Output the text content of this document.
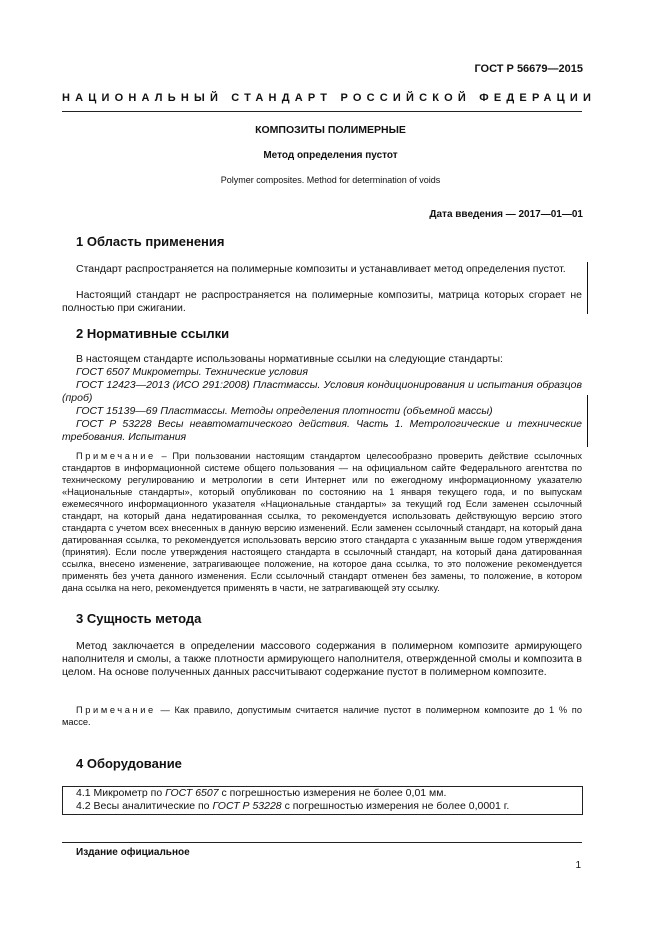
ГОСТ Р 56679—2015
НАЦИОНАЛЬНЫЙ СТАНДАРТ РОССИЙСКОЙ ФЕДЕРАЦИИ
КОМПОЗИТЫ ПОЛИМЕРНЫЕ
Метод определения пустот
Polymer composites. Method for determination of voids
Дата введения — 2017—01—01
1 Область применения
Стандарт распространяется на полимерные композиты и устанавливает метод определения пустот.
Настоящий стандарт не распространяется на полимерные композиты, матрица которых сгорает не полностью при сжигании.
2 Нормативные ссылки
В настоящем стандарте использованы нормативные ссылки на следующие стандарты:
ГОСТ 6507 Микрометры. Технические условия
ГОСТ 12423—2013 (ИСО 291:2008) Пластмассы. Условия кондиционирования и испытания образцов (проб)
ГОСТ 15139—69 Пластмассы. Методы определения плотности (объемной массы)
ГОСТ Р 53228 Весы неавтоматического действия. Часть 1. Метрологические и технические требования. Испытания
Примечание – При пользовании настоящим стандартом целесообразно проверить действие ссылочных стандартов в информационной системе общего пользования — на официальном сайте Федерального агентства по техническому регулированию и метрологии в сети Интернет или по ежегодному информационному указателю «Национальные стандарты», который опубликован по состоянию на 1 января текущего года, и по выпускам ежемесячного информационного указателя «Национальные стандарты» за текущий год Если заменен ссылочный стандарт, на который дана недатированная ссылка, то рекомендуется использовать действующую версию этого стандарта с учетом всех внесенных в данную версию изменений. Если заменен ссылочный стандарт, на который дана датированная ссылка, то рекомендуется использовать версию этого стандарта с указанным выше годом утверждения (принятия). Если после утверждения настоящего стандарта в ссылочный стандарт, на который дана датированная ссылка, внесено изменение, затрагивающее положение, на которое дана ссылка, то это положение рекомендуется применять без учета данного изменения. Если ссылочный стандарт отменен без замены, то положение, в котором дана ссылка на него, рекомендуется применять в части, не затрагивающей эту ссылку.
3 Сущность метода
Метод заключается в определении массового содержания в полимерном композите армирующего наполнителя и смолы, а также плотности армирующего наполнителя, отвержденной смолы и композита в целом. На основе полученных данных рассчитывают содержание пустот в полимерном композите.
Примечание — Как правило, допустимым считается наличие пустот в полимерном композите до 1 % по массе.
4 Оборудование
4.1 Микрометр по ГОСТ 6507 с погрешностью измерения не более 0,01 мм.
4.2 Весы аналитические по ГОСТ Р 53228 с погрешностью измерения не более 0,0001 г.
Издание официальное
1
